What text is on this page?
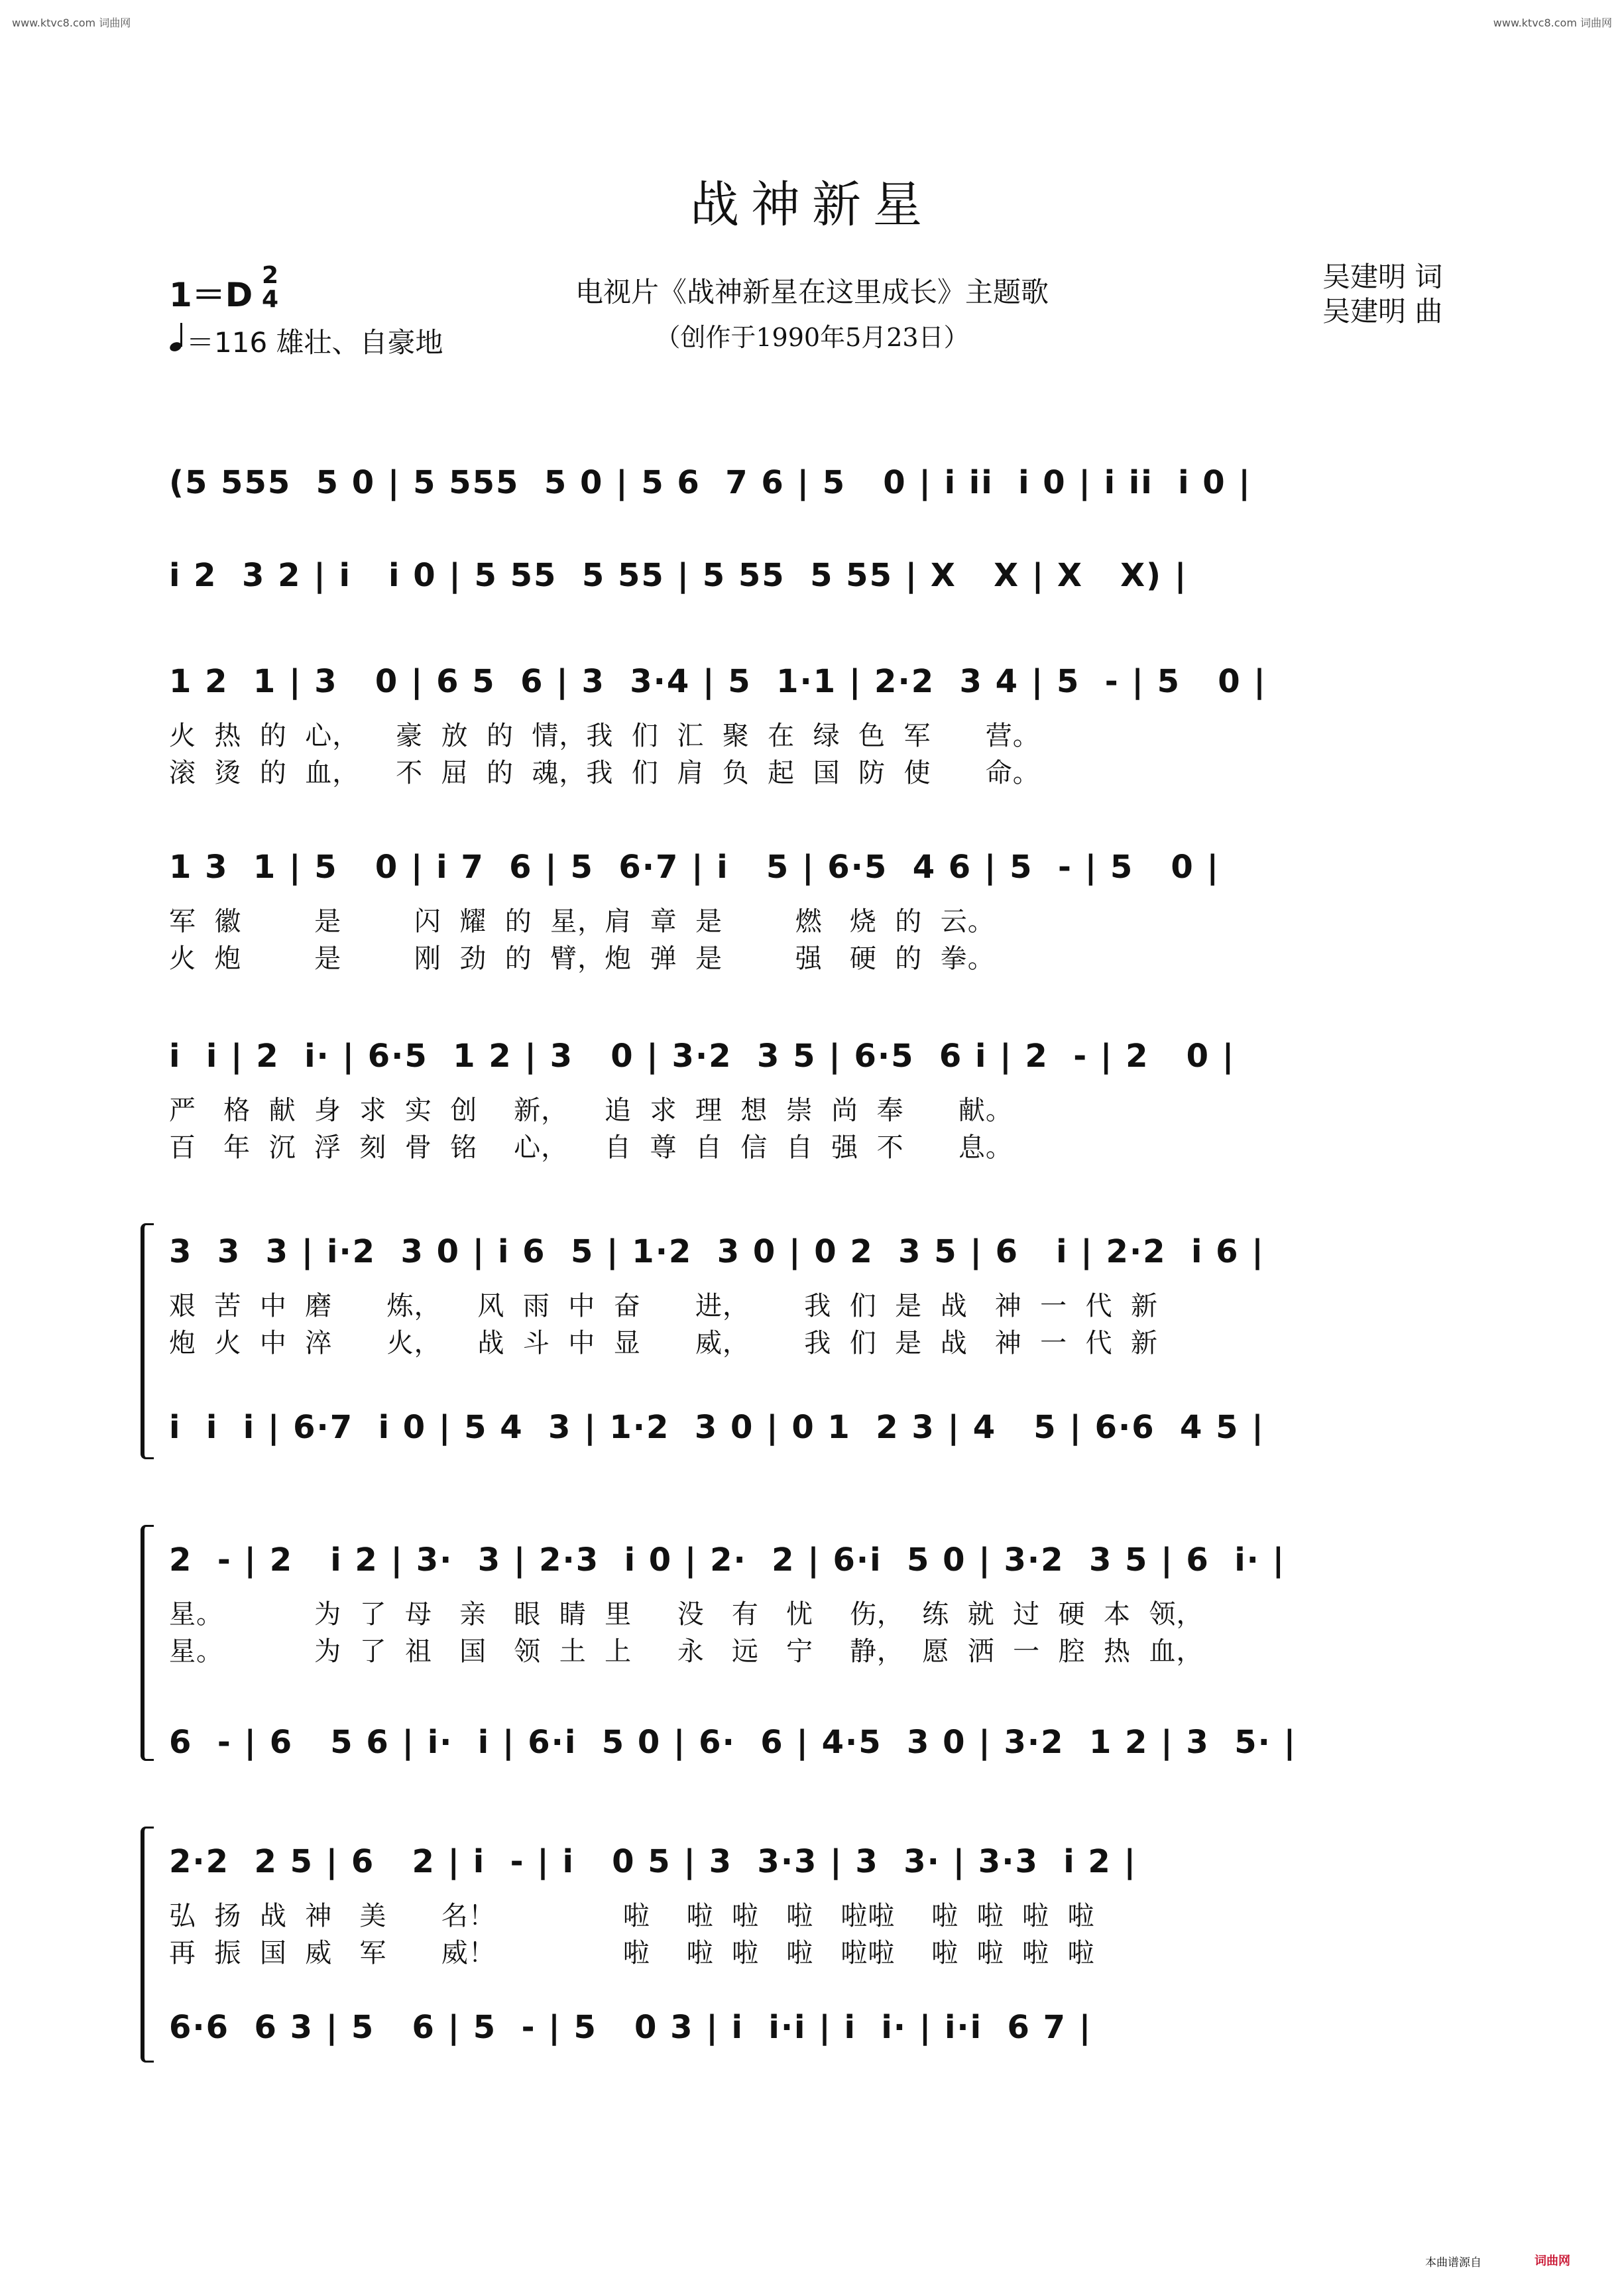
www.ktvc8.com 词曲网	www.ktvc8.com 词曲网
战神新星
1＝D
2
4
＝116 雄壮、自豪地
电视片《战神新星在这里成长》主题歌
（创作于1990年5月23日）
吴建明 词
吴建明 曲
(5 555  5 0 | 5 555  5 0 | 5 6  7 6 | 5   0 | i ii  i 0 | i ii  i 0 |
i 2  3 2 | i   i 0 | 5 55  5 55 | 5 55  5 55 | X   X | X   X) |
1 2  1 | 3   0 | 6 5  6 | 3  3·4 | 5  1·1 | 2·2  3 4 | 5  - | 5   0 |
火  热  的  心，    豪  放  的  情，我  们  汇  聚  在  绿  色  军      营。
滚  烫  的  血，    不  屈  的  魂，我  们  肩  负  起  国  防  使      命。
1 3  1 | 5   0 | i 7  6 | 5  6·7 | i   5 | 6·5  4 6 | 5  - | 5   0 |
军  徽        是        闪  耀  的  星，肩  章  是        燃   烧  的  云。
火  炮        是        刚  劲  的  臂，炮  弹  是        强   硬  的  拳。
i  i | 2  i· | 6·5  1 2 | 3   0 | 3·2  3 5 | 6·5  6 i | 2  - | 2   0 |
严   格  献  身  求  实  创    新，    追  求  理  想  崇  尚  奉      献。
百   年  沉  浮  刻  骨  铭    心，    自  尊  自  信  自  强  不      息。
3  3  3 | i·2  3 0 | i 6  5 | 1·2  3 0 | 0 2  3 5 | 6   i | 2·2  i 6 |
艰  苦  中  磨      炼，    风  雨  中  奋      进，      我  们  是  战   神  一  代  新
炮  火  中  淬      火，    战  斗  中  显      威，      我  们  是  战   神  一  代  新
i  i  i | 6·7  i 0 | 5 4  3 | 1·2  3 0 | 0 1  2 3 | 4   5 | 6·6  4 5 |
2  - | 2   i 2 | 3·  3 | 2·3  i 0 | 2·  2 | 6·i  5 0 | 3·2  3 5 | 6  i· |
星。          为  了  母   亲   眼  睛  里     没   有   忧    伤，  练  就  过  硬  本  领，
星。          为  了  祖   国   领  土  上     永   远   宁    静，  愿  洒  一  腔  热  血，
6  - | 6   5 6 | i·  i | 6·i  5 0 | 6·  6 | 4·5  3 0 | 3·2  1 2 | 3  5· |
2·2  2 5 | 6   2 | i  - | i   0 5 | 3  3·3 | 3  3· | 3·3  i 2 |
弘  扬  战  神   美      名！              啦    啦  啦   啦   啦啦    啦  啦  啦  啦
再  振  国  威   军      威！              啦    啦  啦   啦   啦啦    啦  啦  啦  啦
6·6  6 3 | 5   6 | 5  - | 5   0 3 | i  i·i | i  i· | i·i  6 7 |
本曲谱源自	词曲网
